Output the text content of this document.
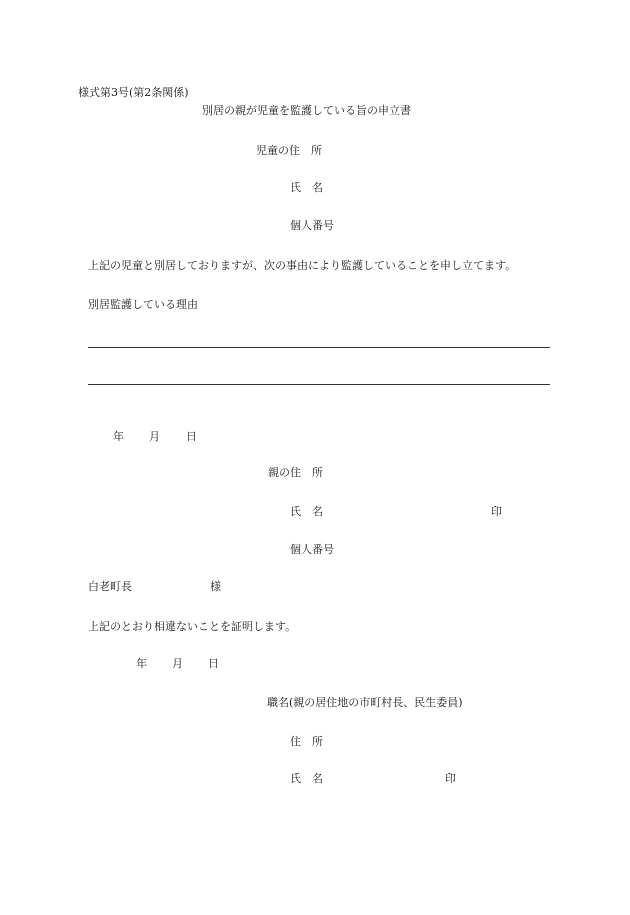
様式第3号(第2条関係)
別居の親が児童を監護している旨の申立書
児童の住　所
氏　名
個人番号
上記の児童と別居しておりますが、次の事由により監護していることを申し立てます。
別居監護している理由
年 月 日
親の住　所
氏　名	印
個人番号
白老町長	様
上記のとおり相違ないことを証明します。
年 月 日
職名(親の居住地の市町村長、民生委員)
住　所
氏　名	印
